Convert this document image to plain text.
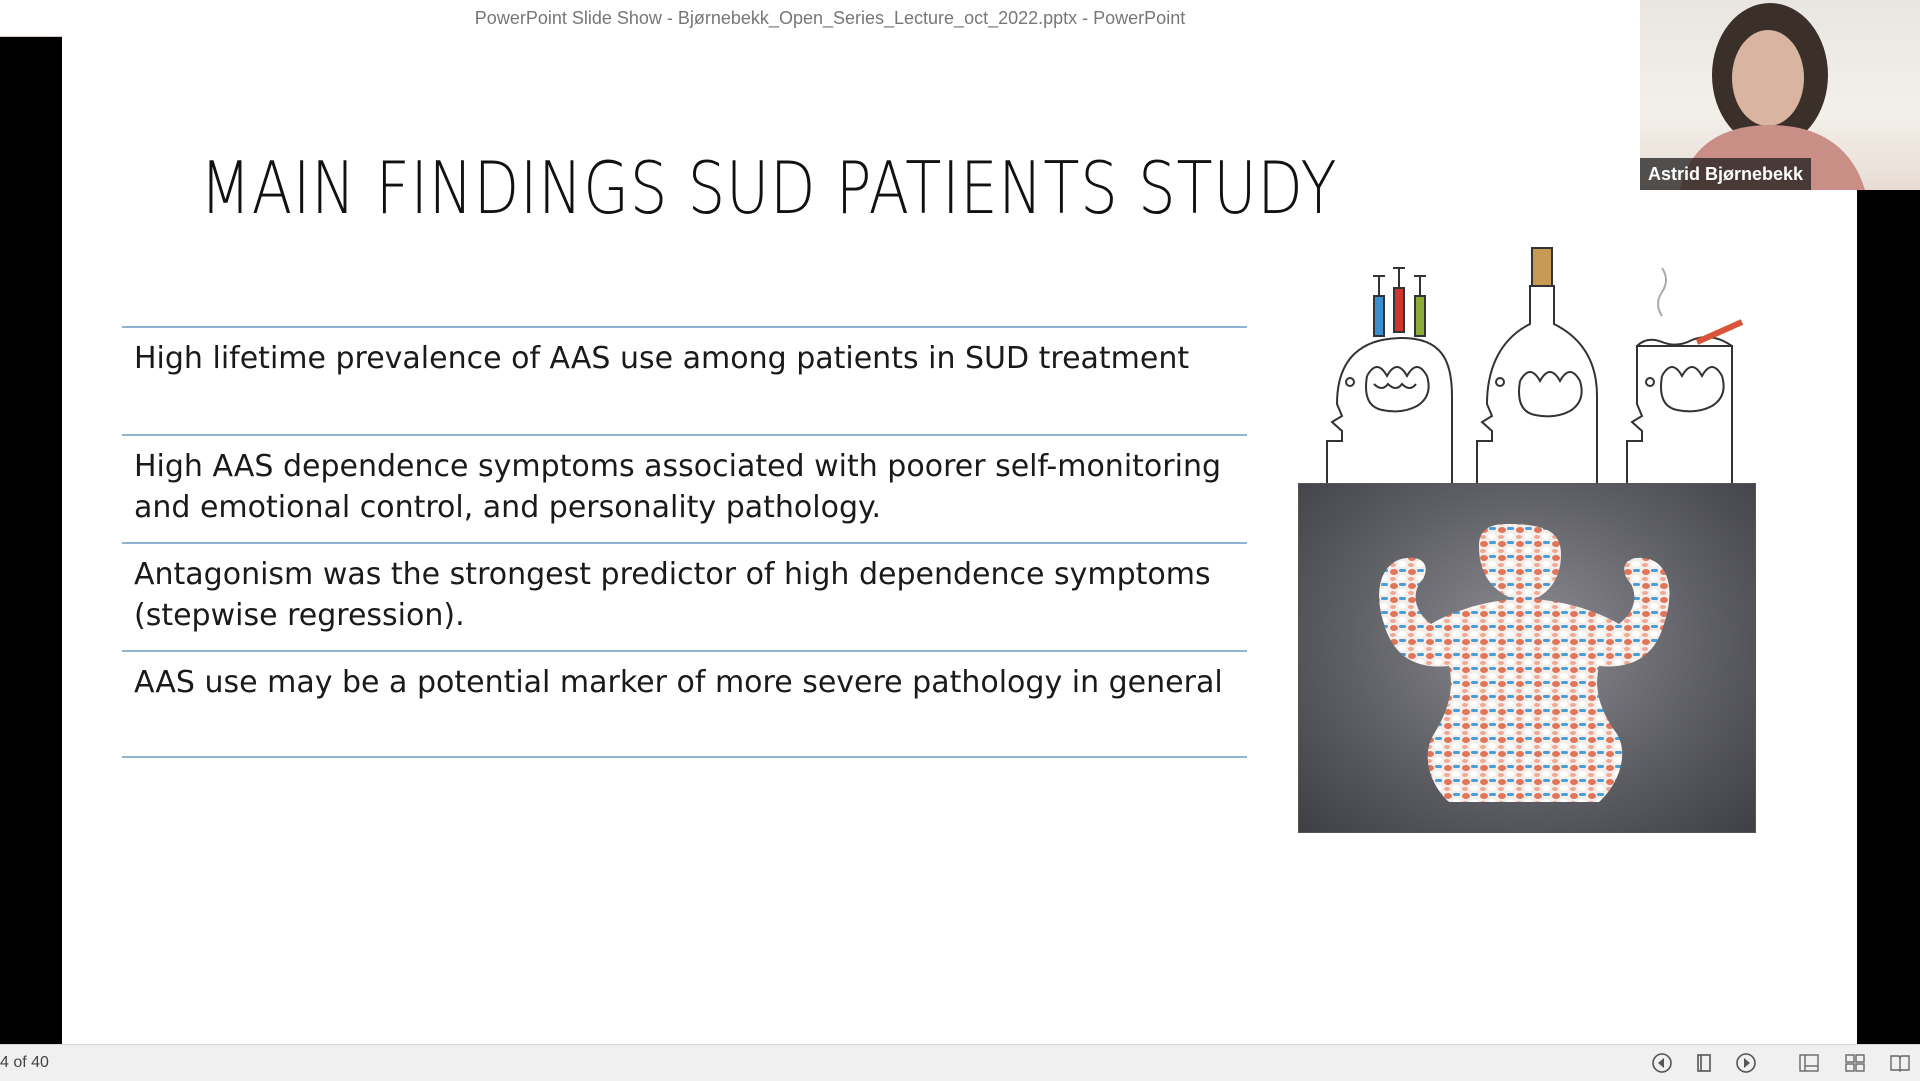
PowerPoint Slide Show - Bjørnebekk_Open_Series_Lecture_oct_2022.pptx - PowerPoint
MAIN FINDINGS SUD PATIENTS STUDY
High lifetime prevalence of AAS use among patients in SUD treatment
High AAS dependence symptoms associated with poorer self-monitoring and emotional control, and personality pathology.
Antagonism was the strongest predictor of high dependence symptoms (stepwise regression).
AAS use may be a potential marker of more severe pathology in general
Astrid Bjørnebekk
4 of 40
